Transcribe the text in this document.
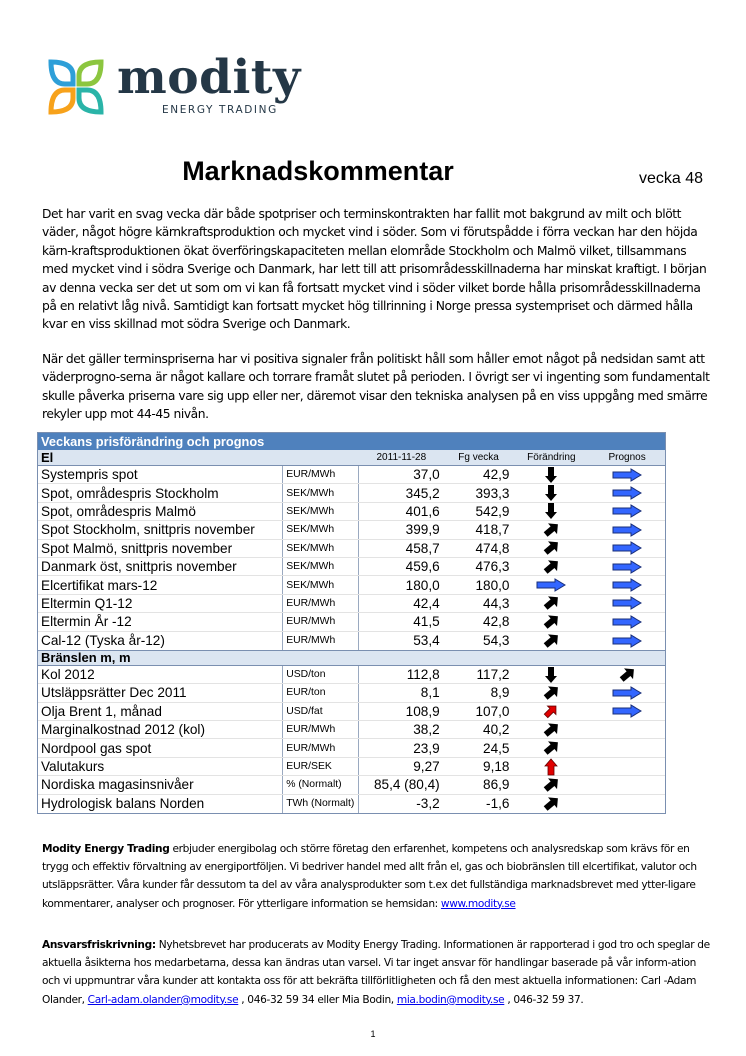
modity
ENERGY TRADING
Marknadskommentar	vecka 48
Det har varit en svag vecka där både spotpriser och terminskontrakten har fallit mot bakgrund av milt och blött väder, något högre kärnkraftsproduktion och mycket vind i söder. Som vi förutspådde i förra veckan har den höjda kärn-kraftsproduktionen ökat överföringskapaciteten mellan elområde Stockholm och Malmö vilket, tillsammans med mycket vind i södra Sverige och Danmark, har lett till att prisområdesskillnaderna har minskat kraftigt. I början av denna vecka ser det ut som om vi kan få fortsatt mycket vind i söder vilket borde hålla prisområdesskillnaderna på en relativt låg nivå. Samtidigt kan fortsatt mycket hög tillrinning i Norge pressa systempriset och därmed hålla kvar en viss skillnad mot södra Sverige och Danmark.
När det gäller terminspriserna har vi positiva signaler från politiskt håll som håller emot något på nedsidan samt att väderprogno-serna är något kallare och torrare framåt slutet på perioden. I övrigt ser vi ingenting som fundamentalt skulle påverka priserna vare sig upp eller ner, däremot visar den tekniska analysen på en viss uppgång med smärre rekyler upp mot 44-45 nivån.
Veckans prisförändring och prognos
El	2011-11-28	Fg vecka	Förändring	Prognos
Systempris spot	EUR/MWh	37,0	42,9
Spot, områdespris Stockholm	SEK/MWh	345,2	393,3
Spot, områdespris Malmö	SEK/MWh	401,6	542,9
Spot Stockholm, snittpris november	SEK/MWh	399,9	418,7
Spot Malmö, snittpris november	SEK/MWh	458,7	474,8
Danmark öst, snittpris november	SEK/MWh	459,6	476,3
Elcertifikat mars-12	SEK/MWh	180,0	180,0
Eltermin Q1-12	EUR/MWh	42,4	44,3
Eltermin År -12	EUR/MWh	41,5	42,8
Cal-12 (Tyska år-12)	EUR/MWh	53,4	54,3
Bränslen m, m
Kol 2012	USD/ton	112,8	117,2
Utsläppsrätter Dec 2011	EUR/ton	8,1	8,9
Olja Brent 1, månad	USD/fat	108,9	107,0
Marginalkostnad 2012 (kol)	EUR/MWh	38,2	40,2
Nordpool gas spot	EUR/MWh	23,9	24,5
Valutakurs	EUR/SEK	9,27	9,18
Nordiska magasinsnivåer	% (Normalt)	85,4 (80,4)	86,9
Hydrologisk balans Norden	TWh (Normalt)	-3,2	-1,6
Modity Energy Trading erbjuder energibolag och större företag den erfarenhet, kompetens och analysredskap som krävs för en trygg och effektiv förvaltning av energiportföljen. Vi bedriver handel med allt från el, gas och biobränslen till elcertifikat, valutor och utsläppsrätter. Våra kunder får dessutom ta del av våra analysprodukter som t.ex det fullständiga marknadsbrevet med ytter-ligare kommentarer, analyser och prognoser. För ytterligare information se hemsidan: www.modity.se
Ansvarsfriskrivning: Nyhetsbrevet har producerats av Modity Energy Trading. Informationen är rapporterad i god tro och speglar de aktuella åsikterna hos medarbetarna, dessa kan ändras utan varsel. Vi tar inget ansvar för handlingar baserade på vår inform-ation och vi uppmuntrar våra kunder att kontakta oss för att bekräfta tillförlitligheten och få den mest aktuella informationen: Carl -Adam Olander, Carl-adam.olander@modity.se , 046-32 59 34 eller Mia Bodin, mia.bodin@modity.se , 046-32 59 37.
1
